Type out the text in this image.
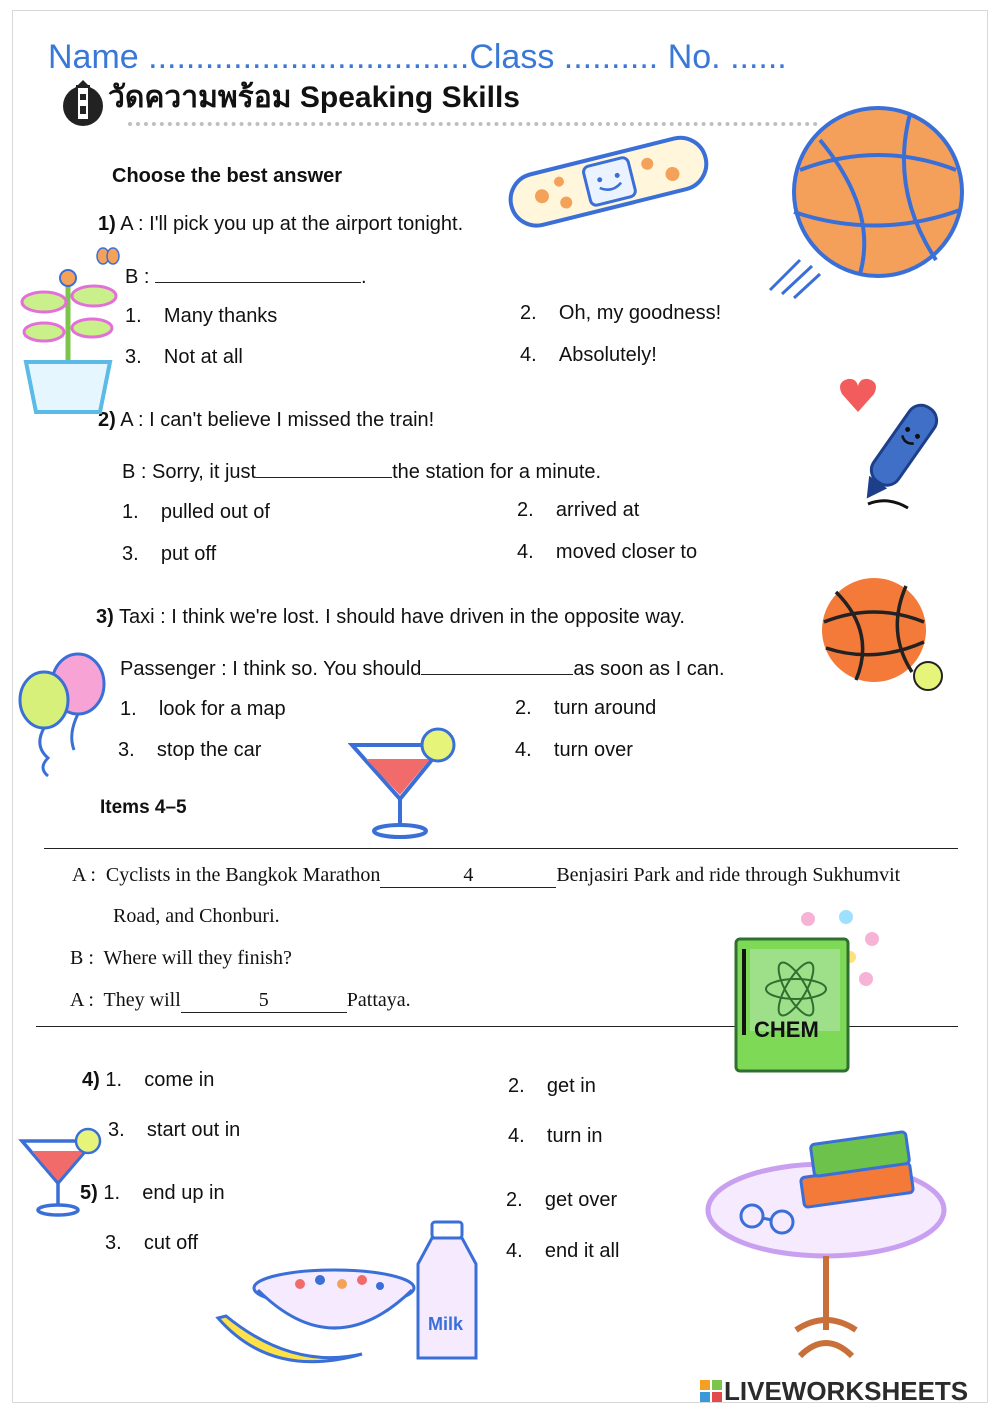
Name ..................................Class .......... No. ......
วัดความพร้อม Speaking Skills
Choose the best answer
1) A : I'll pick you up at the airport tonight.
B :	.
1. Many thanks	2. Oh, my goodness!
3. Not at all	4. Absolutely!
2) A : I can't believe I missed the train!
B : Sorry, it just	the station for a minute.
1. pulled out of	2. arrived at
3. put off	4. moved closer to
3) Taxi : I think we're lost. I should have driven in the opposite way.
Passenger : I think so. You should	as soon as I can.
1. look for a map	2. turn around
3. stop the car	4. turn over
Items 4–5
A : Cyclists in the Bangkok Marathon	4	Benjasiri Park and ride through Sukhumvit
Road, and Chonburi.
B : Where will they finish?
A : They will	5	Pattaya.
4) 1. come in	2. get in
3. start out in	4. turn in
5) 1. end up in	2. get over
3. cut off	4. end it all
CHEM
Milk
LIVEWORKSHEETS
